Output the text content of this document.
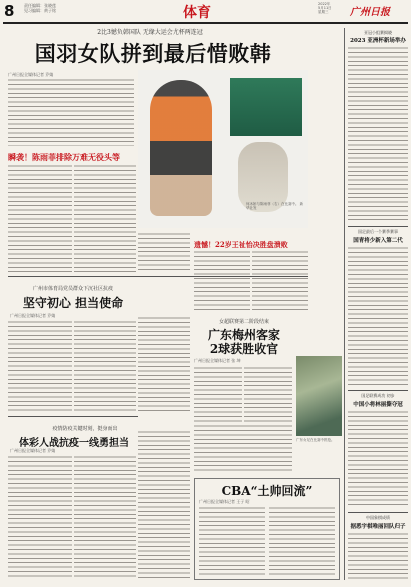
8 责任编辑：张晓莲
见习编辑：黄子铭	体育
2022年
5月11日
星期三	广州日报
2比3憾负韩国队 无缘大运会尤杯两连冠
国羽女队拼到最后惜败韩
广州日报全媒体记者 乔婧
何冰娇与陈雨菲（右）在比赛中。 新华社发
瞬袭！陈雨菲排除万难无役头等
遗憾！22岁王祉怡决胜盘溃败
广州市体育局党员群众下沉社区抗疫
坚守初心 担当使命
广州日报全媒体记者 乔婧
女超联赛第二阶段结束
广东梅州客家
2球获胜收官
广州日报全媒体记者 张 坤
广东女足在比赛中拼抢。
疫情防疫关键时刻，挺身而出
体彩人战抗疫一线勇担当
广州日报全媒体记者 乔婧
CBA“土帅回流”
广州日报全媒体记者 王子 昭
亚冠小组赛揭晓
2023 亚洲杯新场举办
国足最后一个赛季赛事
国青将少新入第二代
国足联赛成功 初步
中国小将林丽撕夺冠
中国象棋成绩
据悉宇棋唯丽回队归子
